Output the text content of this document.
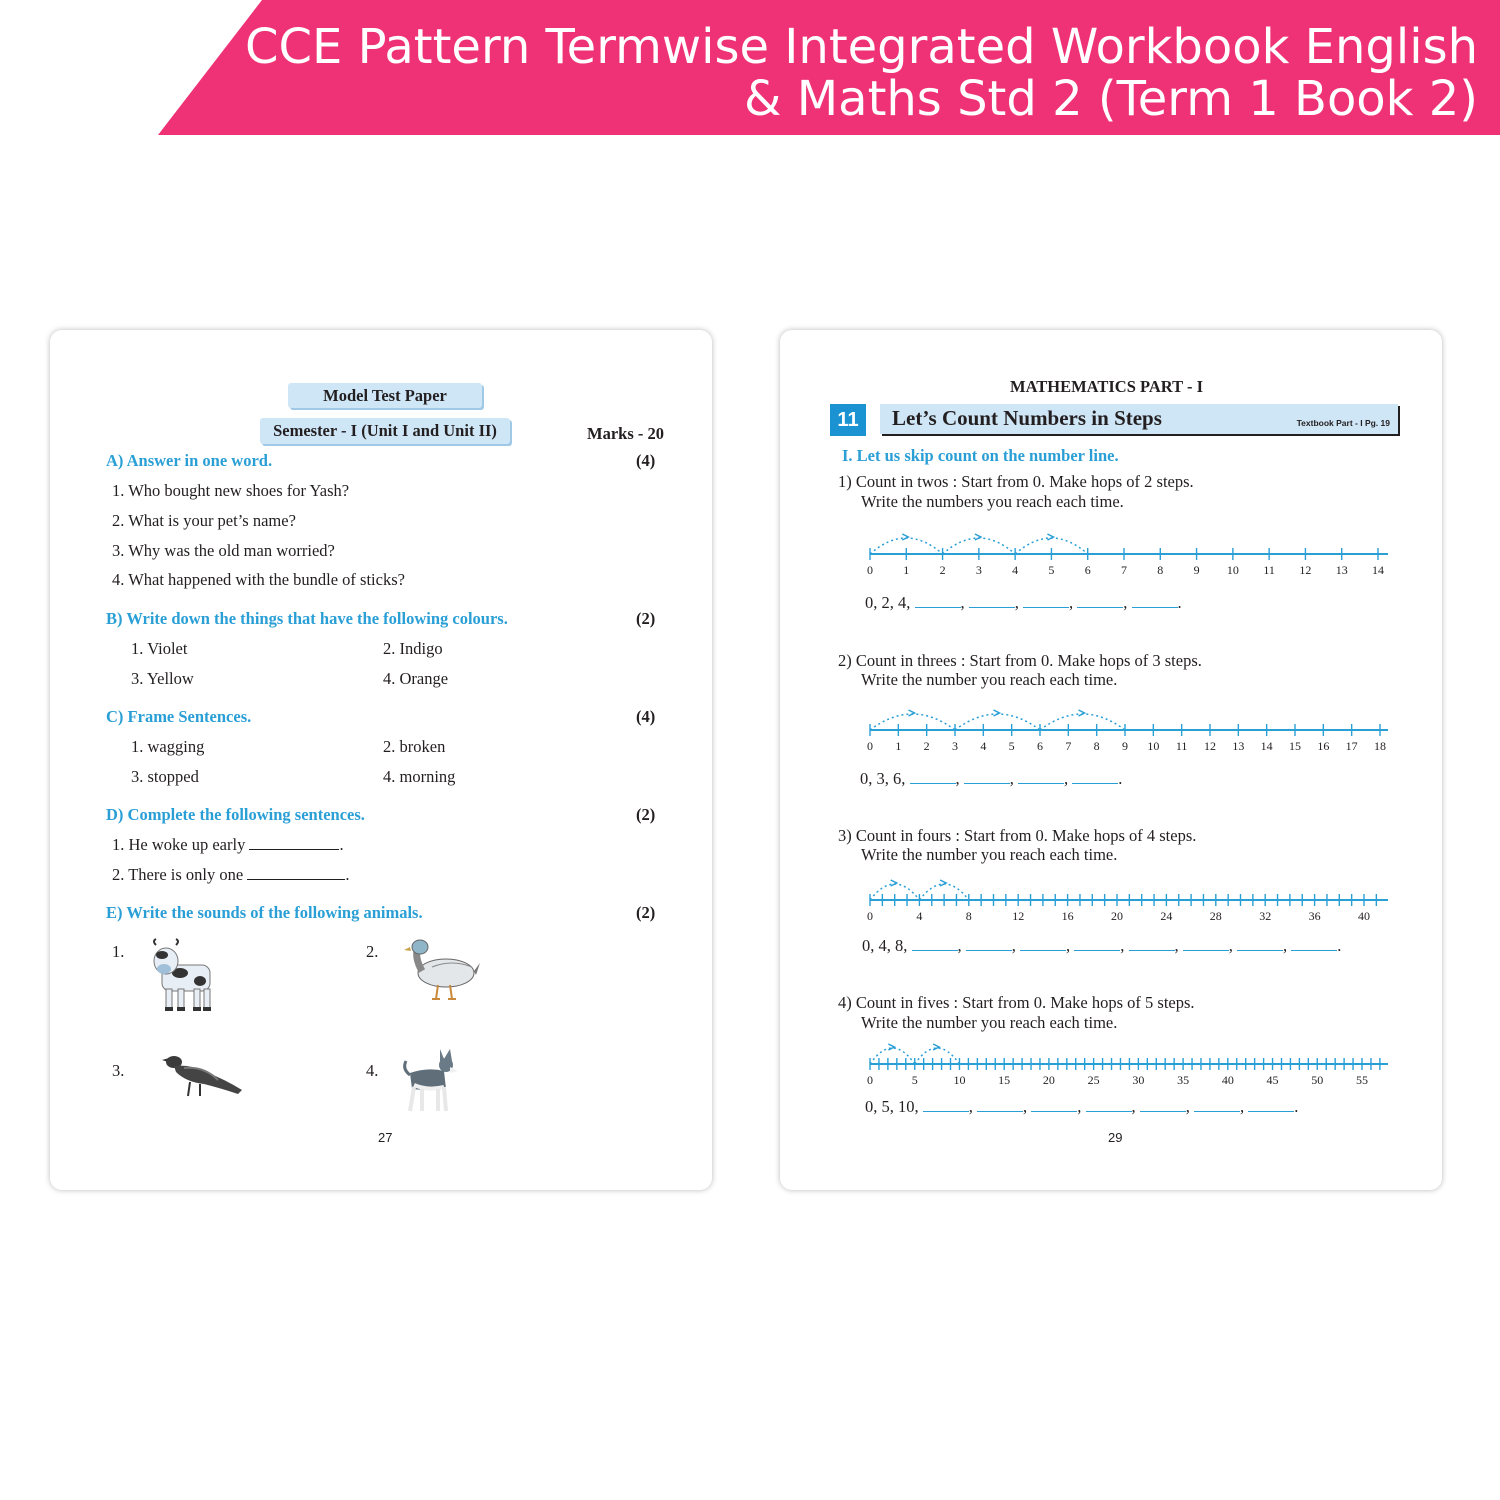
CCE Pattern Termwise Integrated Workbook English
& Maths Std 2 (Term 1 Book 2)
Model Test Paper
Semester - I (Unit I and Unit II)	Marks - 20
A) Answer in one word.	(4)
1. Who bought new shoes for Yash?
2. What is your pet’s name?
3. Why was the old man worried?
4. What happened with the bundle of sticks?
B) Write down the things that have the following colours.	(2)
1. Violet	2. Indigo
3. Yellow	4. Orange
C) Frame Sentences.	(4)
1. wagging	2. broken
3. stopped	4. morning
D) Complete the following sentences.	(2)
1. He woke up early	.
2. There is only one	.
E) Write the sounds of the following animals.	(2)
1.	2.
3.	4.
27
MATHEMATICS PART - I
11	Let’s Count Numbers in Steps	Textbook Part - I Pg. 19
I. Let us skip count on the number line.
1) Count in twos : Start from 0. Make hops of 2 steps.
Write the numbers you reach each time.
0	1	2	3	4	5	6	7	8	9 10 11 12 13 14
0, 2, 4,	,	,	,	,	.
2) Count in threes : Start from 0. Make hops of 3 steps.
Write the number you reach each time.
0 1 2 3 4 5 6 7 8 9 10 11 12 13 14 15 16 17 18
0, 3, 6,	,	,	,	.
3) Count in fours : Start from 0. Make hops of 4 steps.
Write the number you reach each time.
0	4	8	12	16	20	24	28	32	36	40
0, 4, 8,	,	,	,	,	,	,	,	.
4) Count in fives : Start from 0. Make hops of 5 steps.
Write the number you reach each time.
0	5	10	15	20	25	30	35	40	45	50	55
0, 5, 10,	,	,	,	,	,	,	.
29
